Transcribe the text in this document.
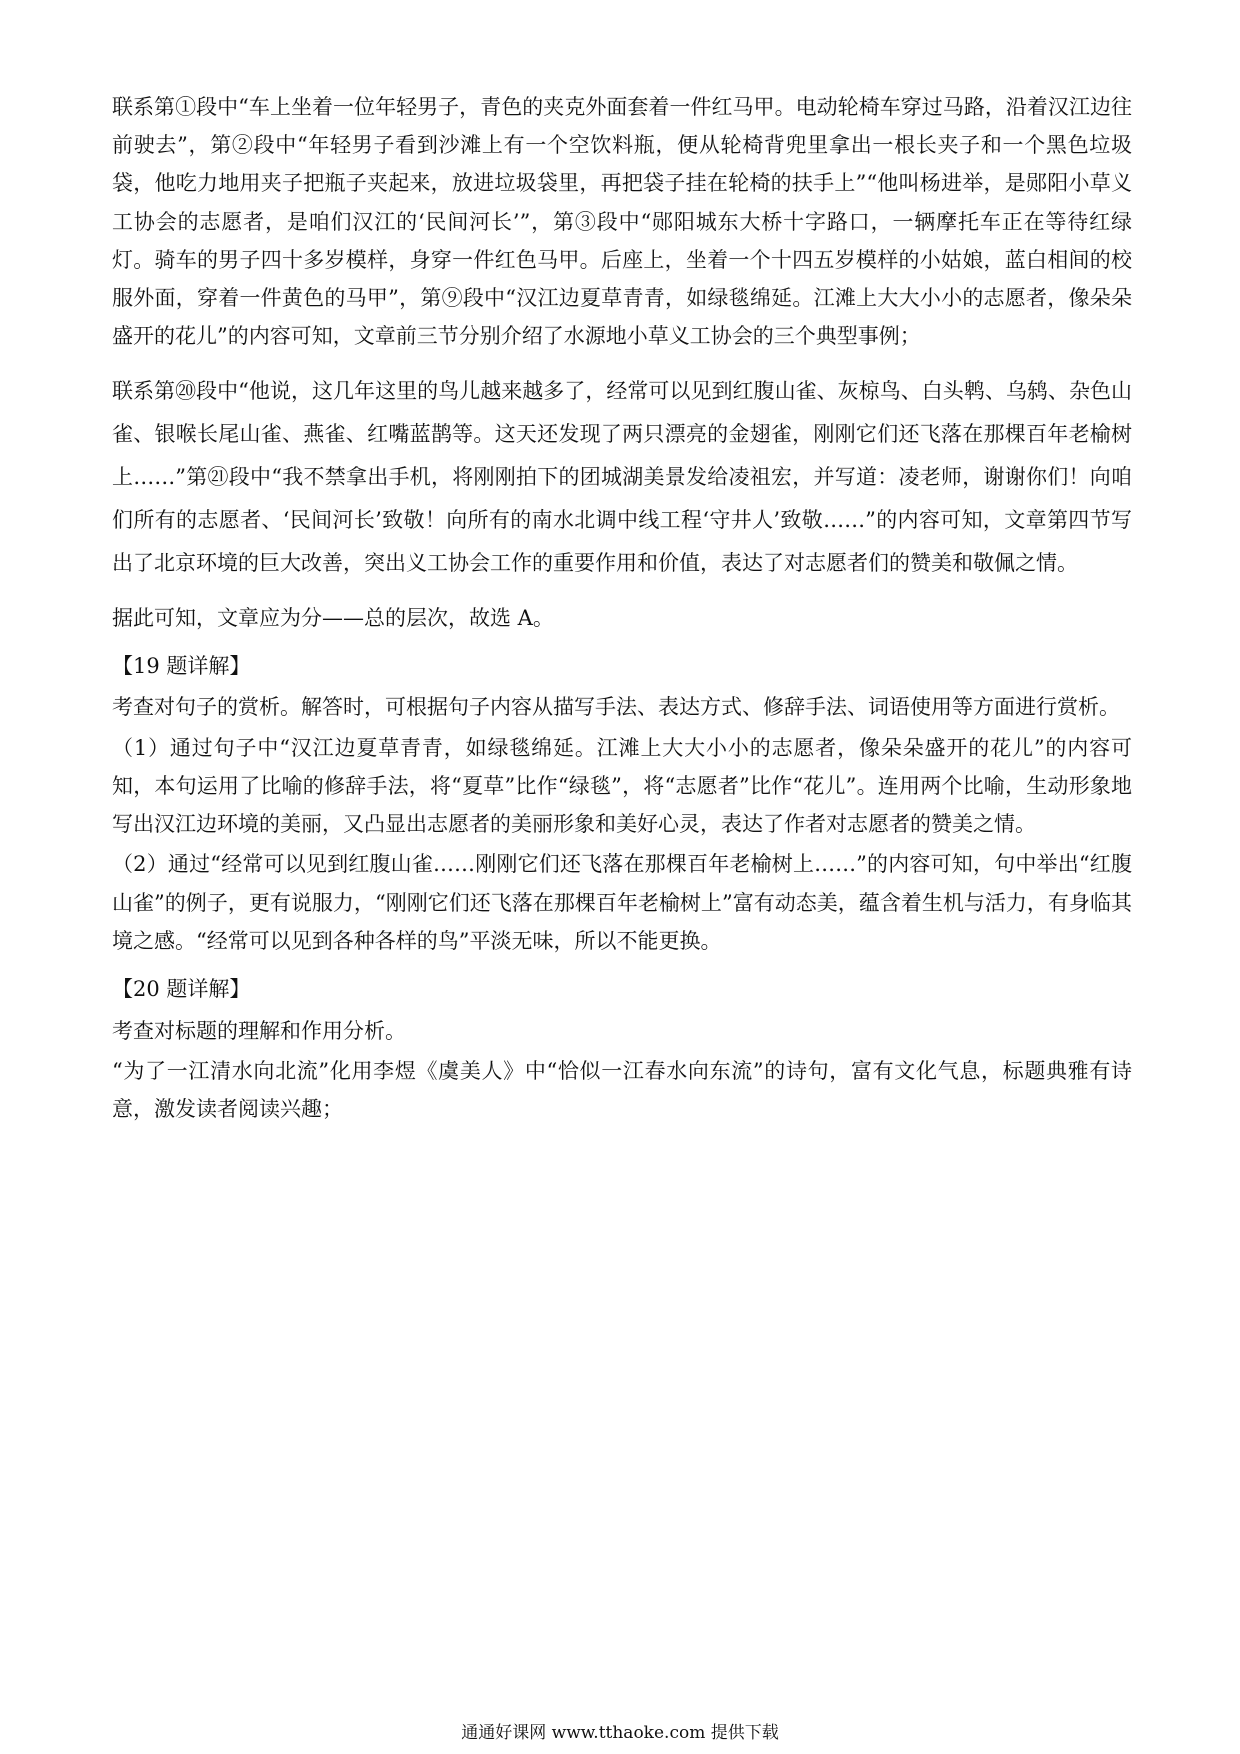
联系第①段中“车上坐着一位年轻男子，青色的夹克外面套着一件红马甲。电动轮椅车穿过马路，沿着汉江边往前驶去”，第②段中“年轻男子看到沙滩上有一个空饮料瓶，便从轮椅背兜里拿出一根长夹子和一个黑色垃圾袋，他吃力地用夹子把瓶子夹起来，放进垃圾袋里，再把袋子挂在轮椅的扶手上”“他叫杨进举，是郧阳小草义工协会的志愿者，是咱们汉江的‘民间河长’”，第③段中“郧阳城东大桥十字路口，一辆摩托车正在等待红绿灯。骑车的男子四十多岁模样，身穿一件红色马甲。后座上，坐着一个十四五岁模样的小姑娘，蓝白相间的校服外面，穿着一件黄色的马甲”，第⑨段中“汉江边夏草青青，如绿毯绵延。江滩上大大小小的志愿者，像朵朵盛开的花儿”的内容可知，文章前三节分别介绍了水源地小草义工协会的三个典型事例；

联系第⑳段中“他说，这几年这里的鸟儿越来越多了，经常可以见到红腹山雀、灰椋鸟、白头鹎、乌鸫、杂色山雀、银喉长尾山雀、燕雀、红嘴蓝鹊等。这天还发现了两只漂亮的金翅雀，刚刚它们还飞落在那棵百年老榆树上……”第㉑段中“我不禁拿出手机，将刚刚拍下的团城湖美景发给凌祖宏，并写道：凌老师，谢谢你们！向咱们所有的志愿者、‘民间河长’致敬！向所有的南水北调中线工程‘守井人’致敬……”的内容可知，文章第四节写出了北京环境的巨大改善，突出义工协会工作的重要作用和价值，表达了对志愿者们的赞美和敬佩之情。

据此可知，文章应为分——总的层次，故选 A。

【19 题详解】

考查对句子的赏析。解答时，可根据句子内容从描写手法、表达方式、修辞手法、词语使用等方面进行赏析。

（1）通过句子中“汉江边夏草青青，如绿毯绵延。江滩上大大小小的志愿者，像朵朵盛开的花儿”的内容可知，本句运用了比喻的修辞手法，将“夏草”比作“绿毯”，将“志愿者”比作“花儿”。连用两个比喻，生动形象地写出汉江边环境的美丽，又凸显出志愿者的美丽形象和美好心灵，表达了作者对志愿者的赞美之情。

（2）通过“经常可以见到红腹山雀……刚刚它们还飞落在那棵百年老榆树上……”的内容可知，句中举出“红腹山雀”的例子，更有说服力，“刚刚它们还飞落在那棵百年老榆树上”富有动态美，蕴含着生机与活力，有身临其境之感。“经常可以见到各种各样的鸟”平淡无味，所以不能更换。

【20 题详解】

考查对标题的理解和作用分析。

“为了一江清水向北流”化用李煜《虞美人》中“恰似一江春水向东流”的诗句，富有文化气息，标题典雅有诗意，激发读者阅读兴趣；

通通好课网 www.tthaoke.com 提供下载
